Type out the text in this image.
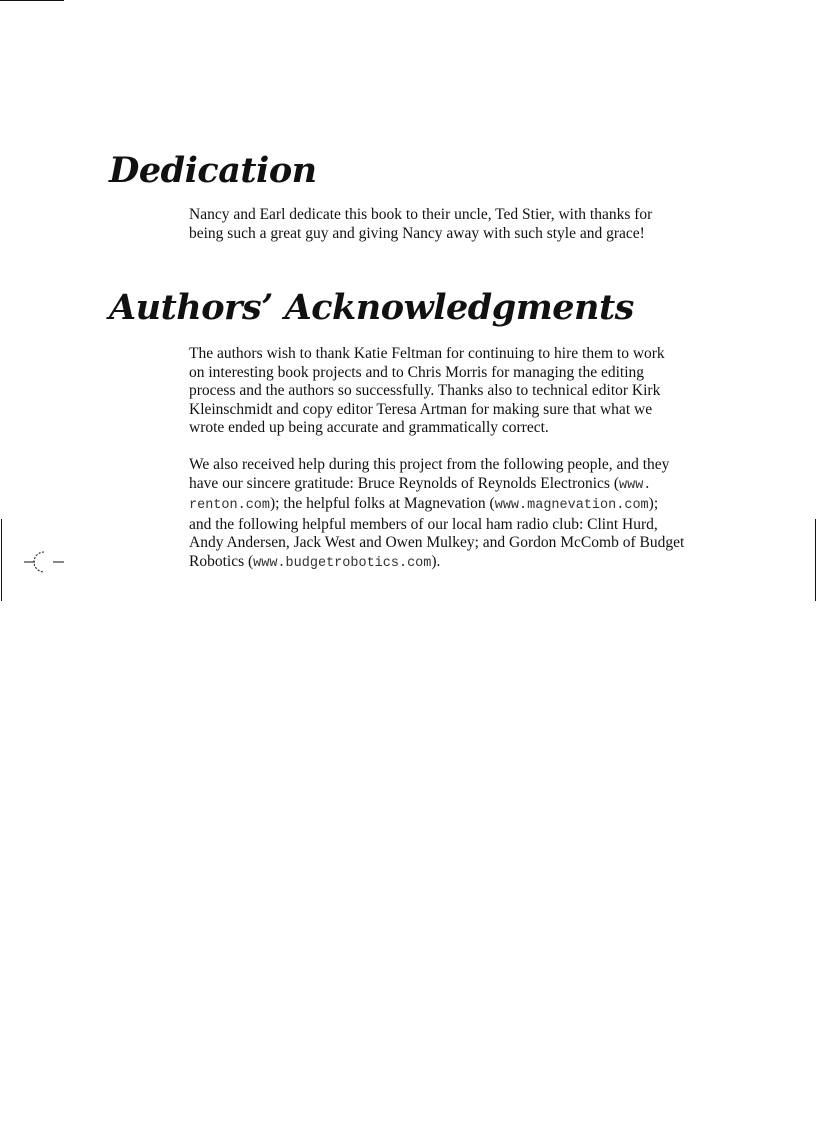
Dedication

Nancy and Earl dedicate this book to their uncle, Ted Stier, with thanks for
being such a great guy and giving Nancy away with such style and grace!

Authors’ Acknowledgments

The authors wish to thank Katie Feltman for continuing to hire them to work
on interesting book projects and to Chris Morris for managing the editing
process and the authors so successfully. Thanks also to technical editor Kirk
Kleinschmidt and copy editor Teresa Artman for making sure that what we
wrote ended up being accurate and grammatically correct.

We also received help during this project from the following people, and they
have our sincere gratitude: Bruce Reynolds of Reynolds Electronics (www.
renton.com); the helpful folks at Magnevation (www.magnevation.com);
and the following helpful members of our local ham radio club: Clint Hurd,
Andy Andersen, Jack West and Owen Mulkey; and Gordon McComb of Budget
Robotics (www.budgetrobotics.com).
